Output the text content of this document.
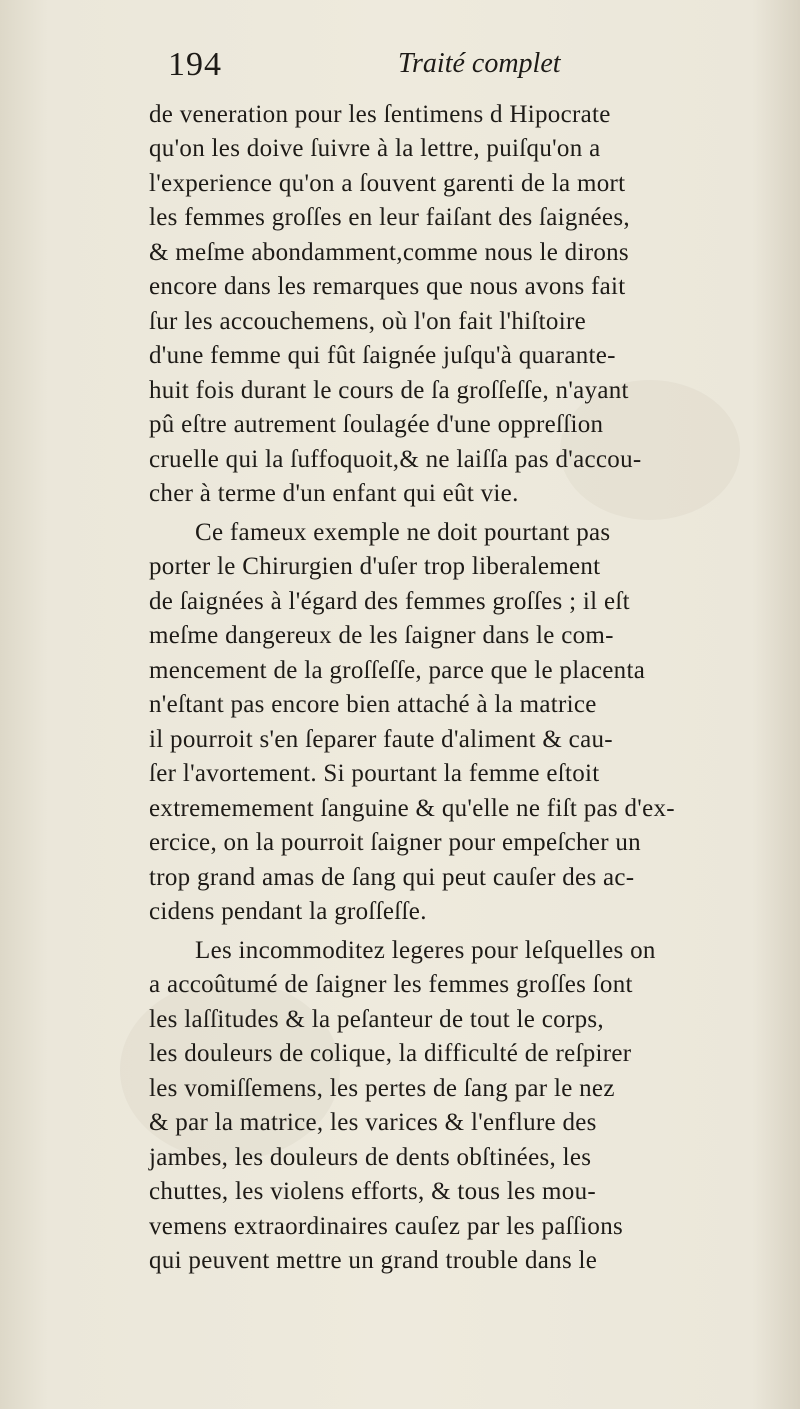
194	Traité complet
de veneration pour les ſentimens d Hipocrate
qu'on les doive ſuivre à la lettre, puiſqu'on a
l'experience qu'on a ſouvent garenti de la mort
les femmes groſſes en leur faiſant des ſaignées,
& meſme abondamment,comme nous le dirons
encore dans les remarques que nous avons fait
ſur les accouchemens, où l'on fait l'hiſtoire
d'une femme qui fût ſaignée juſqu'à quarante-
huit fois durant le cours de ſa groſſeſſe, n'ayant
pû eſtre autrement ſoulagée d'une oppreſſion
cruelle qui la ſuffoquoit,& ne laiſſa pas d'accou-
cher à terme d'un enfant qui eût vie.
Ce fameux exemple ne doit pourtant pas
porter le Chirurgien d'uſer trop liberalement
de ſaignées à l'égard des femmes groſſes ; il eſt
meſme dangereux de les ſaigner dans le com-
mencement de la groſſeſſe, parce que le placenta
n'eſtant pas encore bien attaché à la matrice
il pourroit s'en ſeparer faute d'aliment & cau-
ſer l'avortement. Si pourtant la femme eſtoit
extrememement ſanguine & qu'elle ne fiſt pas d'ex-
ercice, on la pourroit ſaigner pour empeſcher un
trop grand amas de ſang qui peut cauſer des ac-
cidens pendant la groſſeſſe.
Les incommoditez legeres pour leſquelles on
a accoûtumé de ſaigner les femmes groſſes ſont
les laſſitudes & la peſanteur de tout le corps,
les douleurs de colique, la difficulté de reſpirer
les vomiſſemens, les pertes de ſang par le nez
& par la matrice, les varices & l'enflure des
jambes, les douleurs de dents obſtinées, les
chuttes, les violens efforts, & tous les mou-
vemens extraordinaires cauſez par les paſſions
qui peuvent mettre un grand trouble dans le
